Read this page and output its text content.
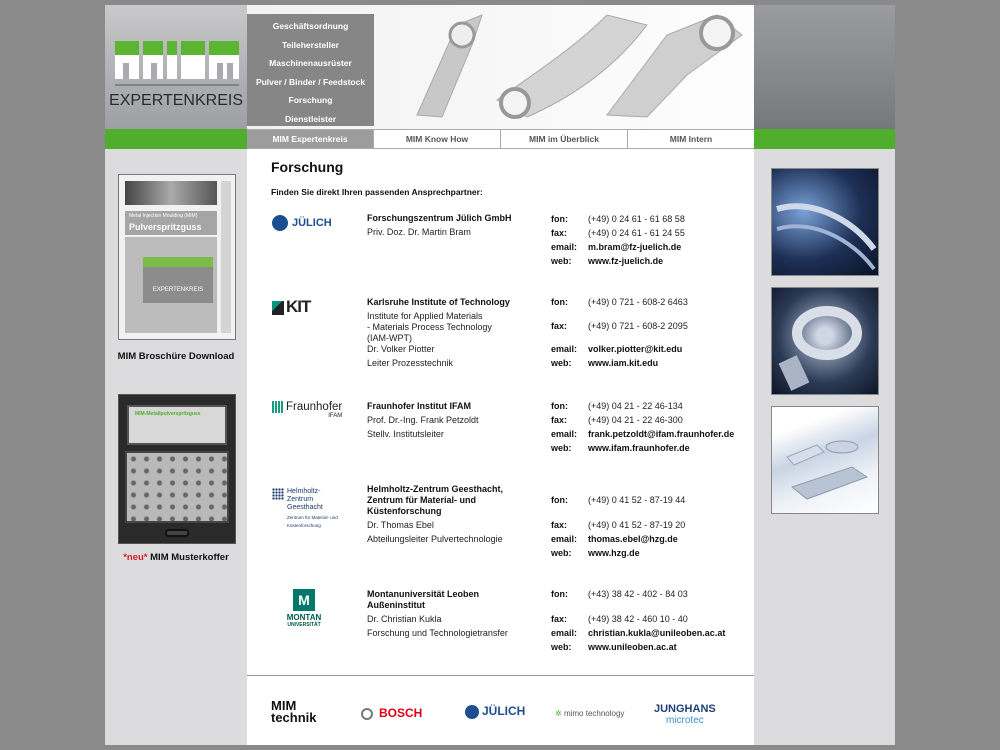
EXPERTENKREIS
Geschäftsordnung
Teilehersteller
Maschinenausrüster
Pulver / Binder / Feedstock
Forschung
Dienstleister
MIM Expertenkreis	MIM Know How	MIM im Überblick	MIM Intern
Metal Injection Moulding (MIM)
Pulverspritzguss
EXPERTENKREIS
MIM Broschüre Download
MIM-Metallpulverspritzguss
*neu* MIM Musterkoffer
Forschung
Finden Sie direkt Ihren passenden Ansprechpartner:
JÜLICH	Forschungszentrum Jülich GmbH
Priv. Doz. Dr. Martin Bram
fon: (+49) 0 24 61 - 61 68 58
fax: (+49) 0 24 61 - 61 24 55
email: m.bram@fz-juelich.de
web: www.fz-juelich.de
KIT	Karlsruhe Institute of Technology
Institute for Applied Materials
- Materials Process Technology
(IAM-WPT)
Dr. Volker Piotter
Leiter Prozesstechnik
fon: (+49) 0 721 - 608-2 6463
fax: (+49) 0 721 - 608-2 2095
email: volker.piotter@kit.edu
web: www.iam.kit.edu
Fraunhofer
IFAM
Fraunhofer Institut IFAM
Prof. Dr.-Ing. Frank Petzoldt
Stellv. Institutsleiter
fon: (+49) 04 21 - 22 46-134
fax: (+49) 04 21 - 22 46-300
email: frank.petzoldt@ifam.fraunhofer.de
web: www.ifam.fraunhofer.de
Helmholtz-Zentrum Geesthacht
Zentrum für Material- und Küstenforschung
Helmholtz-Zentrum Geesthacht,
Zentrum für Material- und
Küstenforschung
Dr. Thomas Ebel
Abteilungsleiter Pulvertechnologie
fon: (+49) 0 41 52 - 87-19 44
fax: (+49) 0 41 52 - 87-19 20
email: thomas.ebel@hzg.de
web: www.hzg.de
M
MONTAN
UNIVERSITÄT
Montanuniversität Leoben
Außeninstitut
Dr. Christian Kukla
Forschung und Technologietransfer
fon: (+43) 38 42 - 402 - 84 03
fax: (+49) 38 42 - 460 10 - 40
email: christian.kukla@unileoben.ac.at
web: www.unileoben.ac.at
MIM
technik	BOSCH	JÜLICH	✲ mimo technology	JUNGHANS
microtec
